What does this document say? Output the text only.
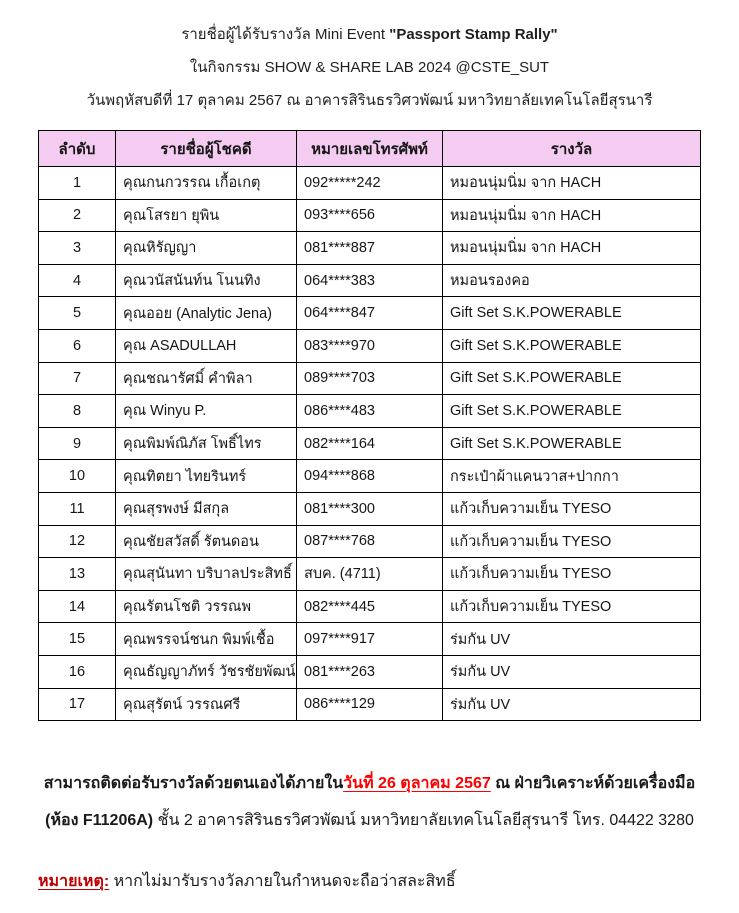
รายชื่อผู้ได้รับรางวัล Mini Event "Passport Stamp Rally"
ในกิจกรรม SHOW & SHARE LAB 2024 @CSTE_SUT
วันพฤหัสบดีที่ 17 ตุลาคม 2567 ณ อาคารสิรินธรวิศวพัฒน์ มหาวิทยาลัยเทคโนโลยีสุรนารี
ลำดับ	รายชื่อผู้โชคดี	หมายเลขโทรศัพท์	รางวัล
1	คุณกนกวรรณ เกื้อเกตุ	092*****242	หมอนนุ่มนิ่ม จาก HACH
2	คุณโสรยา ยุพิน	093****656	หมอนนุ่มนิ่ม จาก HACH
3	คุณหิรัญญา	081****887	หมอนนุ่มนิ่ม จาก HACH
4	คุณวนัสนันท์น โนนทิง	064****383	หมอนรองคอ
5	คุณออย (Analytic Jena)	064****847	Gift Set S.K.POWERABLE
6	คุณ ASADULLAH	083****970	Gift Set S.K.POWERABLE
7	คุณชณารัศมิ์ คำพิลา	089****703	Gift Set S.K.POWERABLE
8	คุณ Winyu P.	086****483	Gift Set S.K.POWERABLE
9	คุณพิมพ์ณิภัส โพธิ์ไทร	082****164	Gift Set S.K.POWERABLE
10	คุณทิตยา ไทยรินทร์	094****868	กระเป๋าผ้าแคนวาส+ปากกา
11	คุณสุรพงษ์ มีสกุล	081****300	แก้วเก็บความเย็น TYESO
12	คุณชัยสวัสดิ์ รัตนดอน	087****768	แก้วเก็บความเย็น TYESO
13	คุณสุนันทา บริบาลประสิทธิ์	สบค. (4711)	แก้วเก็บความเย็น TYESO
14	คุณรัตนโชติ วรรณพ	082****445	แก้วเก็บความเย็น TYESO
15	คุณพรรจน์ชนก พิมพ์เชื้อ	097****917	ร่มกัน UV
16	คุณธัญญาภัทร์ วัชรชัยพัฒน์	081****263	ร่มกัน UV
17	คุณสุรัตน์ วรรณศรี	086****129	ร่มกัน UV
สามารถติดต่อรับรางวัลด้วยตนเองได้ภายในวันที่ 26 ตุลาคม 2567 ณ ฝ่ายวิเคราะห์ด้วยเครื่องมือ
(ห้อง F11206A) ชั้น 2 อาคารสิรินธรวิศวพัฒน์ มหาวิทยาลัยเทคโนโลยีสุรนารี โทร. 04422 3280
หมายเหตุ: หากไม่มารับรางวัลภายในกำหนดจะถือว่าสละสิทธิ์
